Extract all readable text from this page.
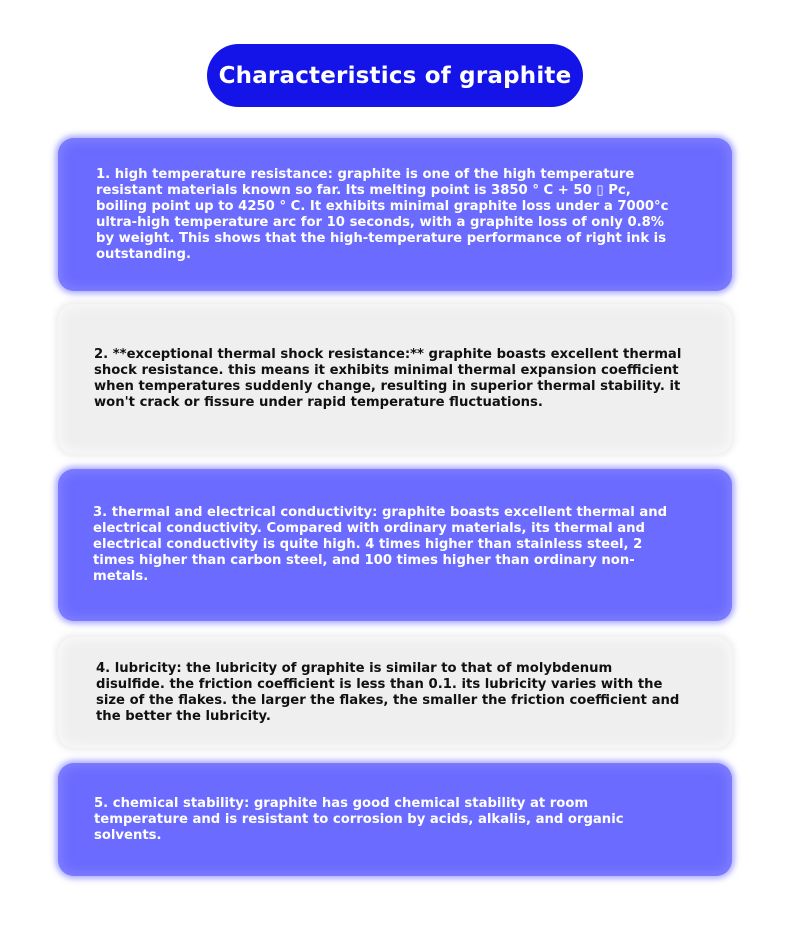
Characteristics of graphite

1. high temperature resistance: graphite is one of the high temperature resistant materials known so far. Its melting point is 3850 ° C + 50 ▯ Pc, boiling point up to 4250 ° C. It exhibits minimal graphite loss under a 7000°c ultra-high temperature arc for 10 seconds, with a graphite loss of only 0.8% by weight. This shows that the high-temperature performance of right ink is outstanding.

2. **exceptional thermal shock resistance:** graphite boasts excellent thermal shock resistance. this means it exhibits minimal thermal expansion coefficient when temperatures suddenly change, resulting in superior thermal stability. it won't crack or fissure under rapid temperature fluctuations.

3. thermal and electrical conductivity: graphite boasts excellent thermal and electrical conductivity. Compared with ordinary materials, its thermal and electrical conductivity is quite high. 4 times higher than stainless steel, 2 times higher than carbon steel, and 100 times higher than ordinary non-metals.

4. lubricity: the lubricity of graphite is similar to that of molybdenum disulfide. the friction coefficient is less than 0.1. its lubricity varies with the size of the flakes. the larger the flakes, the smaller the friction coefficient and the better the lubricity.

5. chemical stability: graphite has good chemical stability at room temperature and is resistant to corrosion by acids, alkalis, and organic solvents.
